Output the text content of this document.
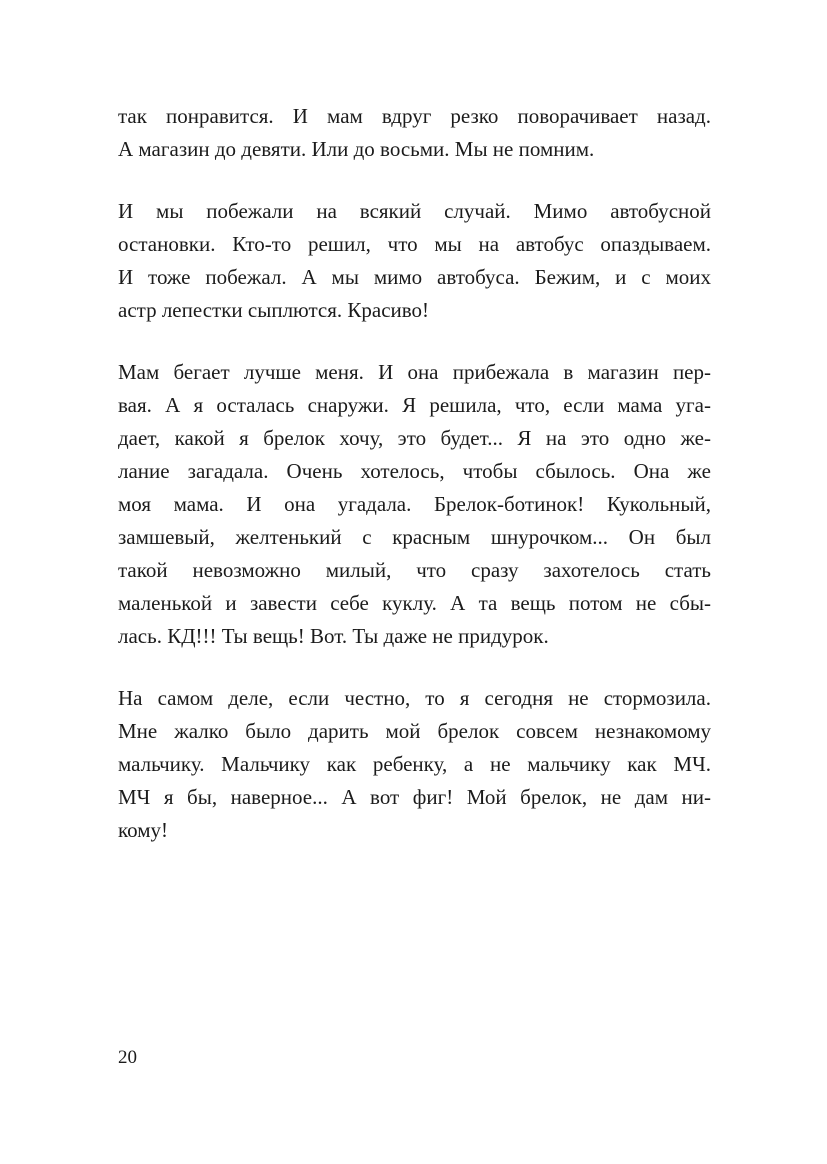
так понравится. И мам вдруг резко поворачивает назад.
А магазин до девяти. Или до восьми. Мы не помним.
И мы побежали на всякий случай. Мимо автобусной
остановки. Кто-то решил, что мы на автобус опаздываем.
И тоже побежал. А мы мимо автобуса. Бежим, и с моих
астр лепестки сыплются. Красиво!
Мам бегает лучше меня. И она прибежала в магазин пер-
вая. А я осталась снаружи. Я решила, что, если мама уга-
дает, какой я брелок хочу, это будет... Я на это одно же-
лание загадала. Очень хотелось, чтобы сбылось. Она же
моя мама. И она угадала. Брелок-ботинок! Кукольный,
замшевый, желтенький с красным шнурочком... Он был
такой невозможно милый, что сразу захотелось стать
маленькой и завести себе куклу. А та вещь потом не сбы-
лась. КД!!! Ты вещь! Вот. Ты даже не придурок.
На самом деле, если честно, то я сегодня не стормозила.
Мне жалко было дарить мой брелок совсем незнакомому
мальчику. Мальчику как ребенку, а не мальчику как МЧ.
МЧ я бы, наверное... А вот фиг! Мой брелок, не дам ни-
кому!
20
